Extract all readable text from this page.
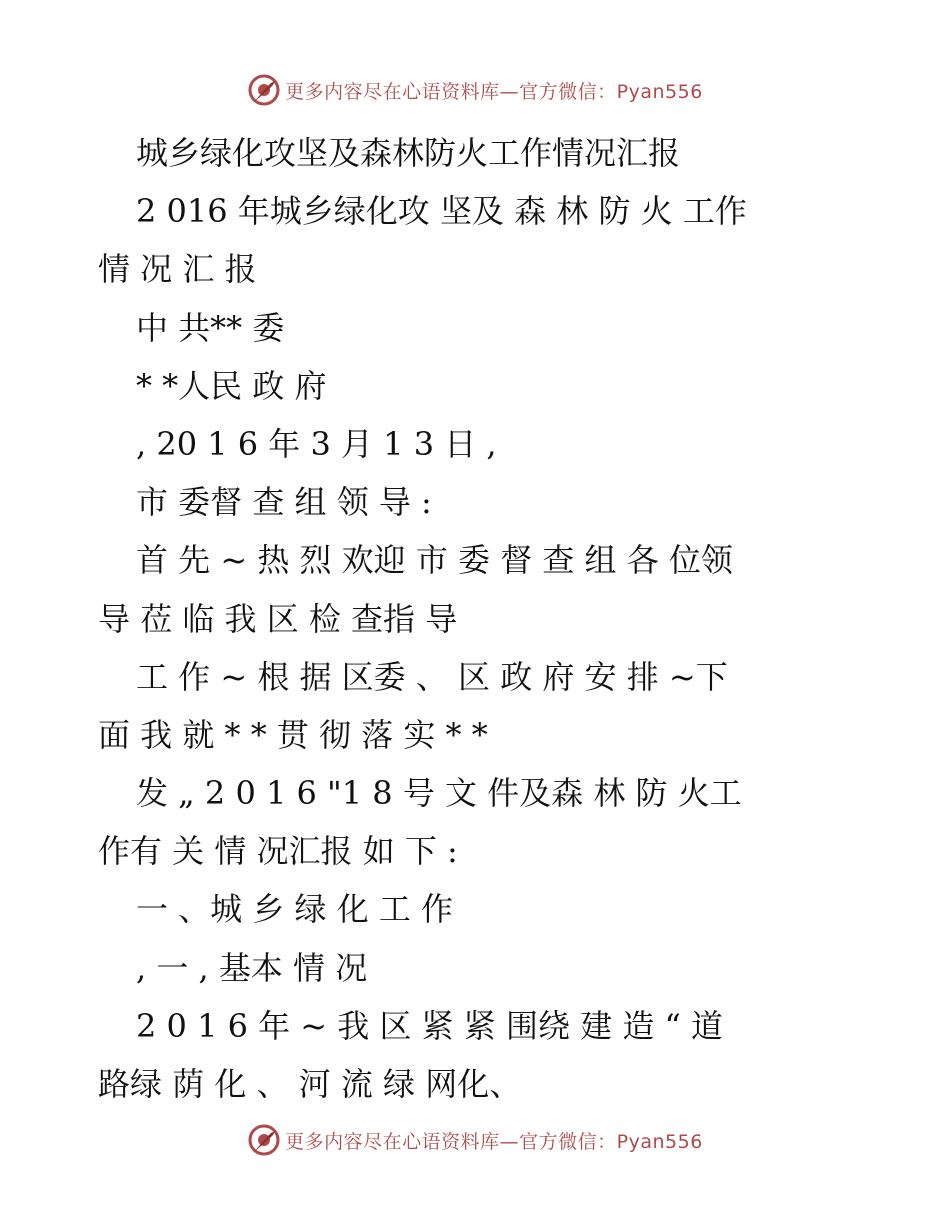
更多内容尽在心语资料库—官方微信：Pyan556
城乡绿化攻坚及森林防火工作情况汇报
2 016 年城乡绿化攻 坚及 森 林 防 火 工作
情 况 汇 报
中 共** 委
* *人民 政 府
, 20 1 6 年 3 月 1 3 日 ,
市 委督 查 组 领 导 :
首 先 ~ 热 烈 欢迎 市 委 督 查 组 各 位领
导 莅 临 我 区 检 查指 导
工 作 ~ 根 据 区委 、 区 政 府 安 排 ~下
面 我 就 * * 贯 彻 落 实 * *
发 „ 2 0 1 6 "1 8 号 文 件及森 林 防 火工
作有 关 情 况汇报 如 下 :
一 、城 乡 绿 化 工 作
, 一 , 基本 情 况
2 0 1 6 年 ~ 我 区 紧 紧 围绕 建 造 “ 道
路绿 荫 化 、 河 流 绿 网化、
更多内容尽在心语资料库—官方微信：Pyan556
